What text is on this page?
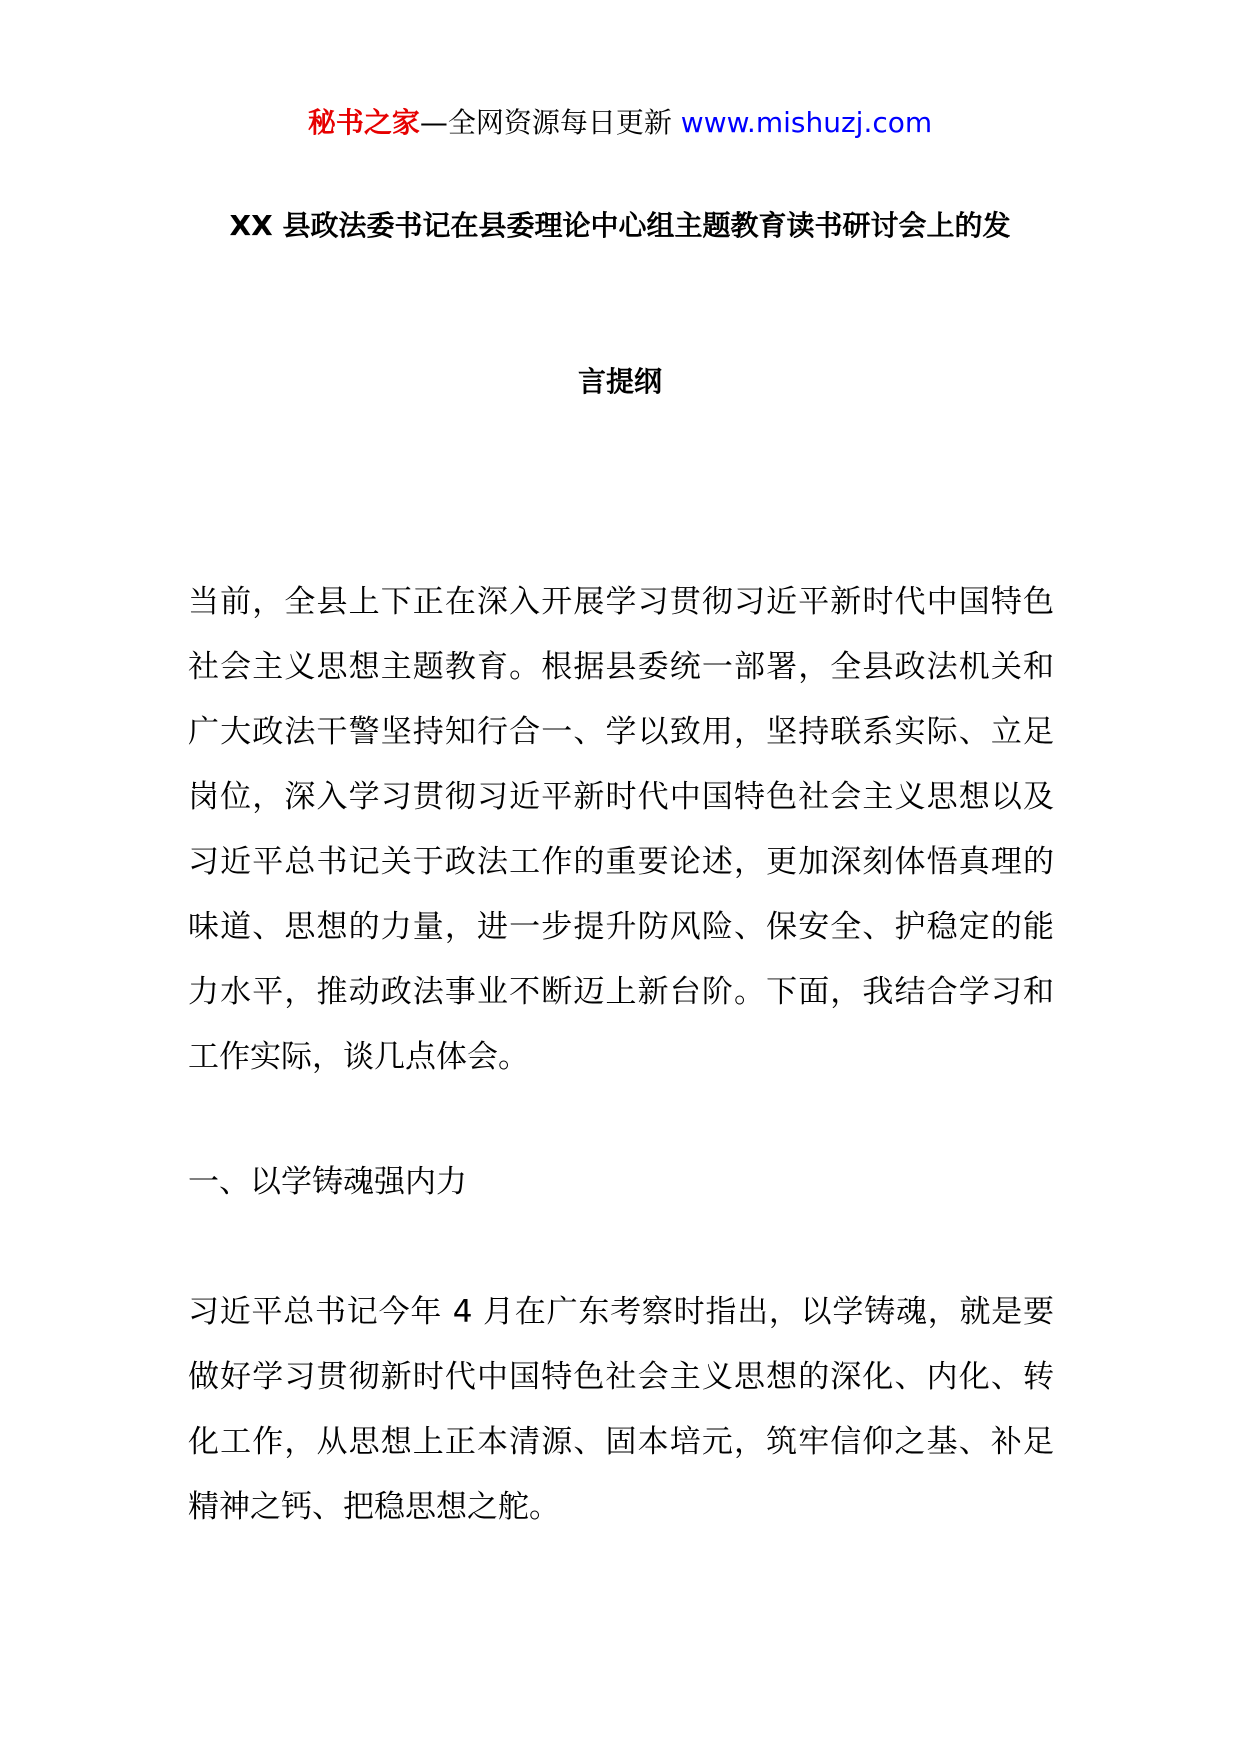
秘书之家—全网资源每日更新 www.mishuzj.com
XX 县政法委书记在县委理论中心组主题教育读书研讨会上的发
言提纲
当前，全县上下正在深入开展学习贯彻习近平新时代中国特色
社会主义思想主题教育。根据县委统一部署，全县政法机关和
广大政法干警坚持知行合一、学以致用，坚持联系实际、立足
岗位，深入学习贯彻习近平新时代中国特色社会主义思想以及
习近平总书记关于政法工作的重要论述，更加深刻体悟真理的
味道、思想的力量，进一步提升防风险、保安全、护稳定的能
力水平，推动政法事业不断迈上新台阶。下面，我结合学习和
工作实际，谈几点体会。
一、以学铸魂强内力
习近平总书记今年 4 月在广东考察时指出，以学铸魂，就是要
做好学习贯彻新时代中国特色社会主义思想的深化、内化、转
化工作，从思想上正本清源、固本培元，筑牢信仰之基、补足
精神之钙、把稳思想之舵。
